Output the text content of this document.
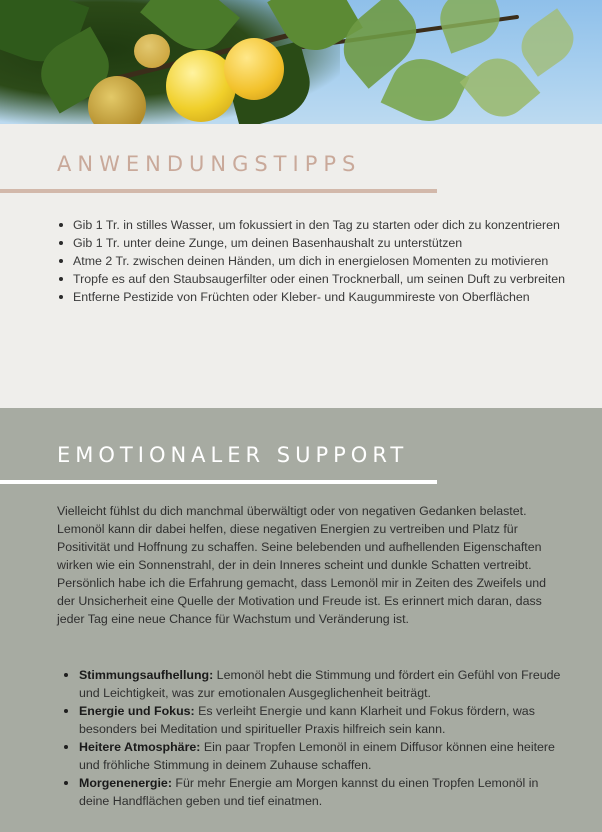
ANWENDUNGSTIPPS
Gib 1 Tr. in stilles Wasser, um fokussiert in den Tag zu starten oder dich zu konzentrieren
Gib 1 Tr. unter deine Zunge, um deinen Basenhaushalt zu unterstützen
Atme 2 Tr. zwischen deinen Händen, um dich in energielosen Momenten zu motivieren
Tropfe es auf den Staubsaugerfilter oder einen Trocknerball, um seinen Duft zu verbreiten
Entferne Pestizide von Früchten oder Kleber- und Kaugummireste von Oberflächen
EMOTIONALER SUPPORT

Vielleicht fühlst du dich manchmal überwältigt oder von negativen Gedanken belastet. Lemonöl kann dir dabei helfen, diese negativen Energien zu vertreiben und Platz für Positivität und Hoffnung zu schaffen. Seine belebenden und aufhellenden Eigenschaften wirken wie ein Sonnenstrahl, der in dein Inneres scheint und dunkle Schatten vertreibt.

Persönlich habe ich die Erfahrung gemacht, dass Lemonöl mir in Zeiten des Zweifels und der Unsicherheit eine Quelle der Motivation und Freude ist. Es erinnert mich daran, dass jeder Tag eine neue Chance für Wachstum und Veränderung ist.

Stimmungsaufhellung: Lemonöl hebt die Stimmung und fördert ein Gefühl von Freude und Leichtigkeit, was zur emotionalen Ausgeglichenheit beiträgt.
Energie und Fokus: Es verleiht Energie und kann Klarheit und Fokus fördern, was besonders bei Meditation und spiritueller Praxis hilfreich sein kann.
Heitere Atmosphäre: Ein paar Tropfen Lemonöl in einem Diffusor können eine heitere und fröhliche Stimmung in deinem Zuhause schaffen.
Morgenenergie: Für mehr Energie am Morgen kannst du einen Tropfen Lemonöl in deine Handflächen geben und tief einatmen.
